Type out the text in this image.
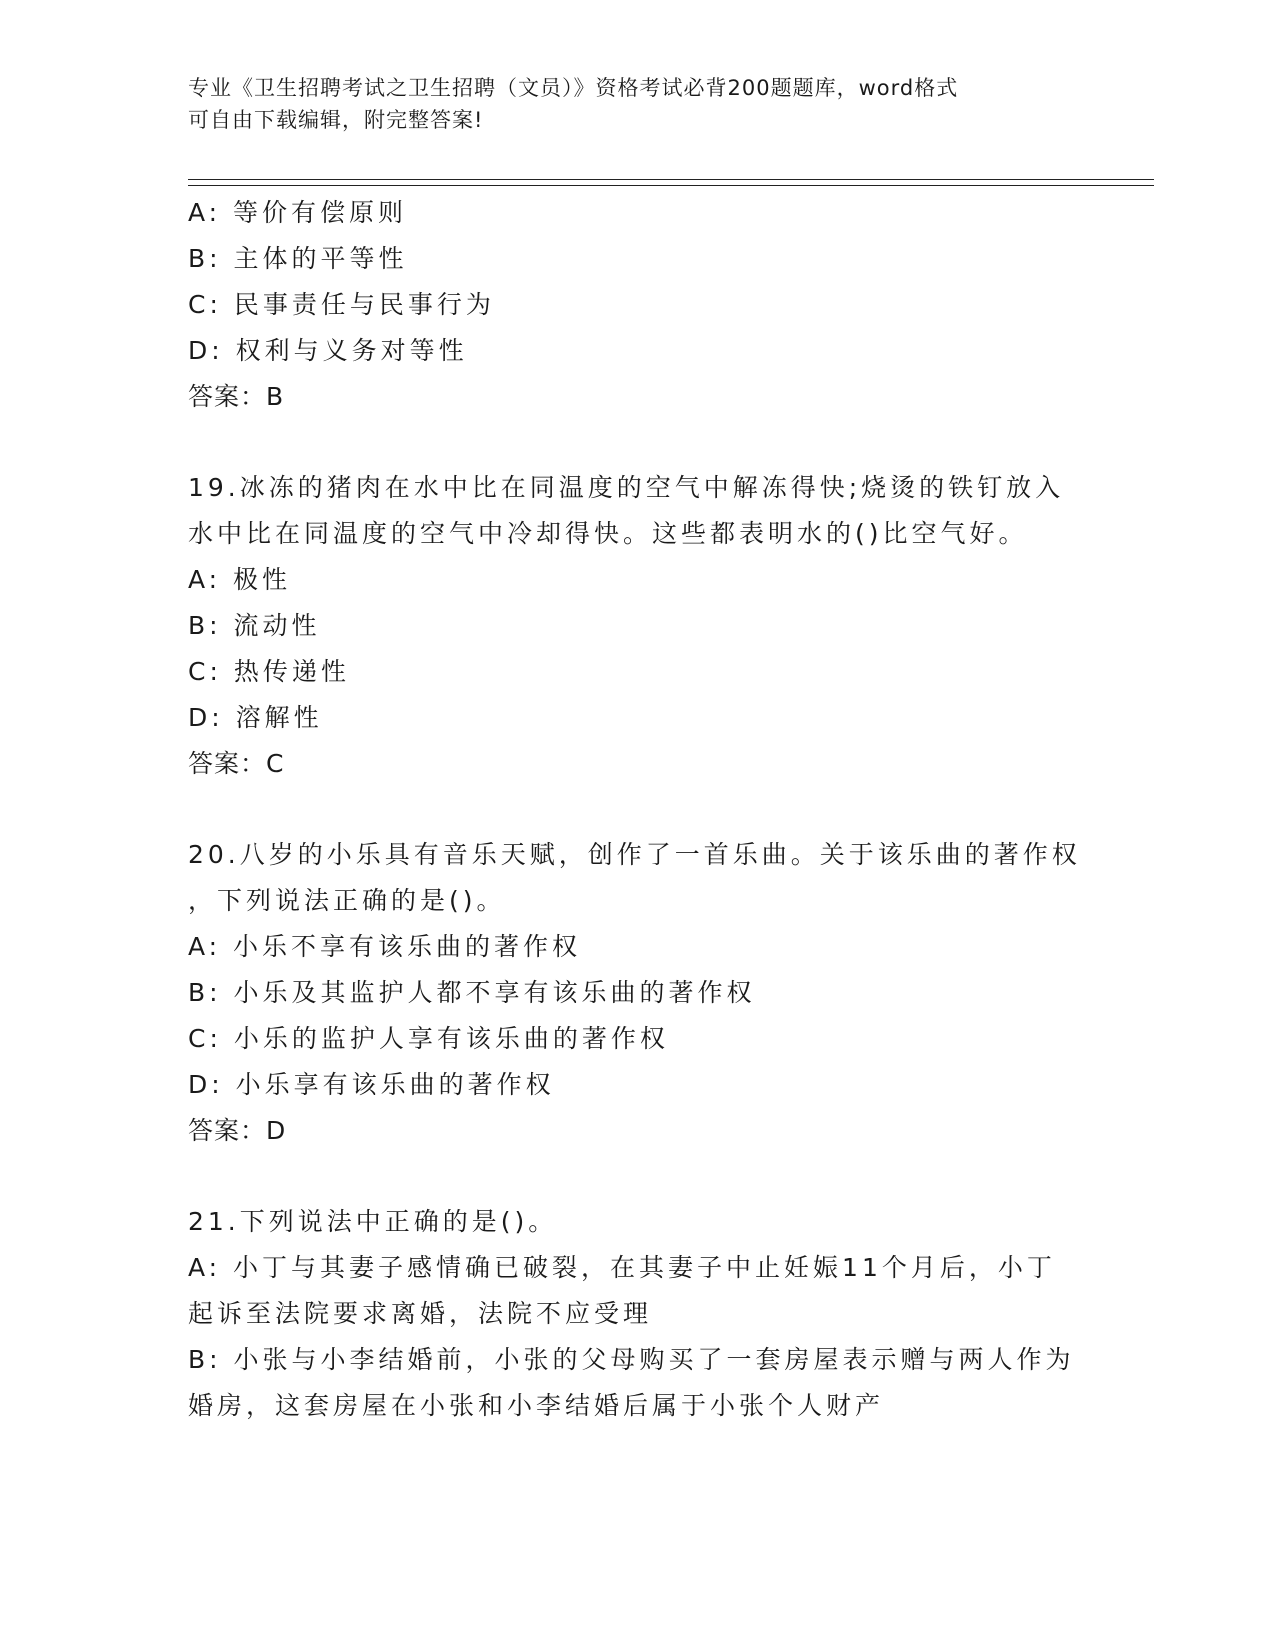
专业《卫生招聘考试之卫生招聘（文员）》资格考试必背200题题库，word格式
可自由下载编辑，附完整答案!
A: 等价有偿原则
B: 主体的平等性
C: 民事责任与民事行为
D: 权利与义务对等性
答案：B
19.冰冻的猪肉在水中比在同温度的空气中解冻得快;烧烫的铁钉放入
水中比在同温度的空气中冷却得快。这些都表明水的()比空气好。
A: 极性
B: 流动性
C: 热传递性
D: 溶解性
答案：C
20.八岁的小乐具有音乐天赋，创作了一首乐曲。关于该乐曲的著作权
，下列说法正确的是()。
A: 小乐不享有该乐曲的著作权
B: 小乐及其监护人都不享有该乐曲的著作权
C: 小乐的监护人享有该乐曲的著作权
D: 小乐享有该乐曲的著作权
答案：D
21.下列说法中正确的是()。
A: 小丁与其妻子感情确已破裂，在其妻子中止妊娠11个月后，小丁
起诉至法院要求离婚，法院不应受理
B: 小张与小李结婚前，小张的父母购买了一套房屋表示赠与两人作为
婚房，这套房屋在小张和小李结婚后属于小张个人财产
